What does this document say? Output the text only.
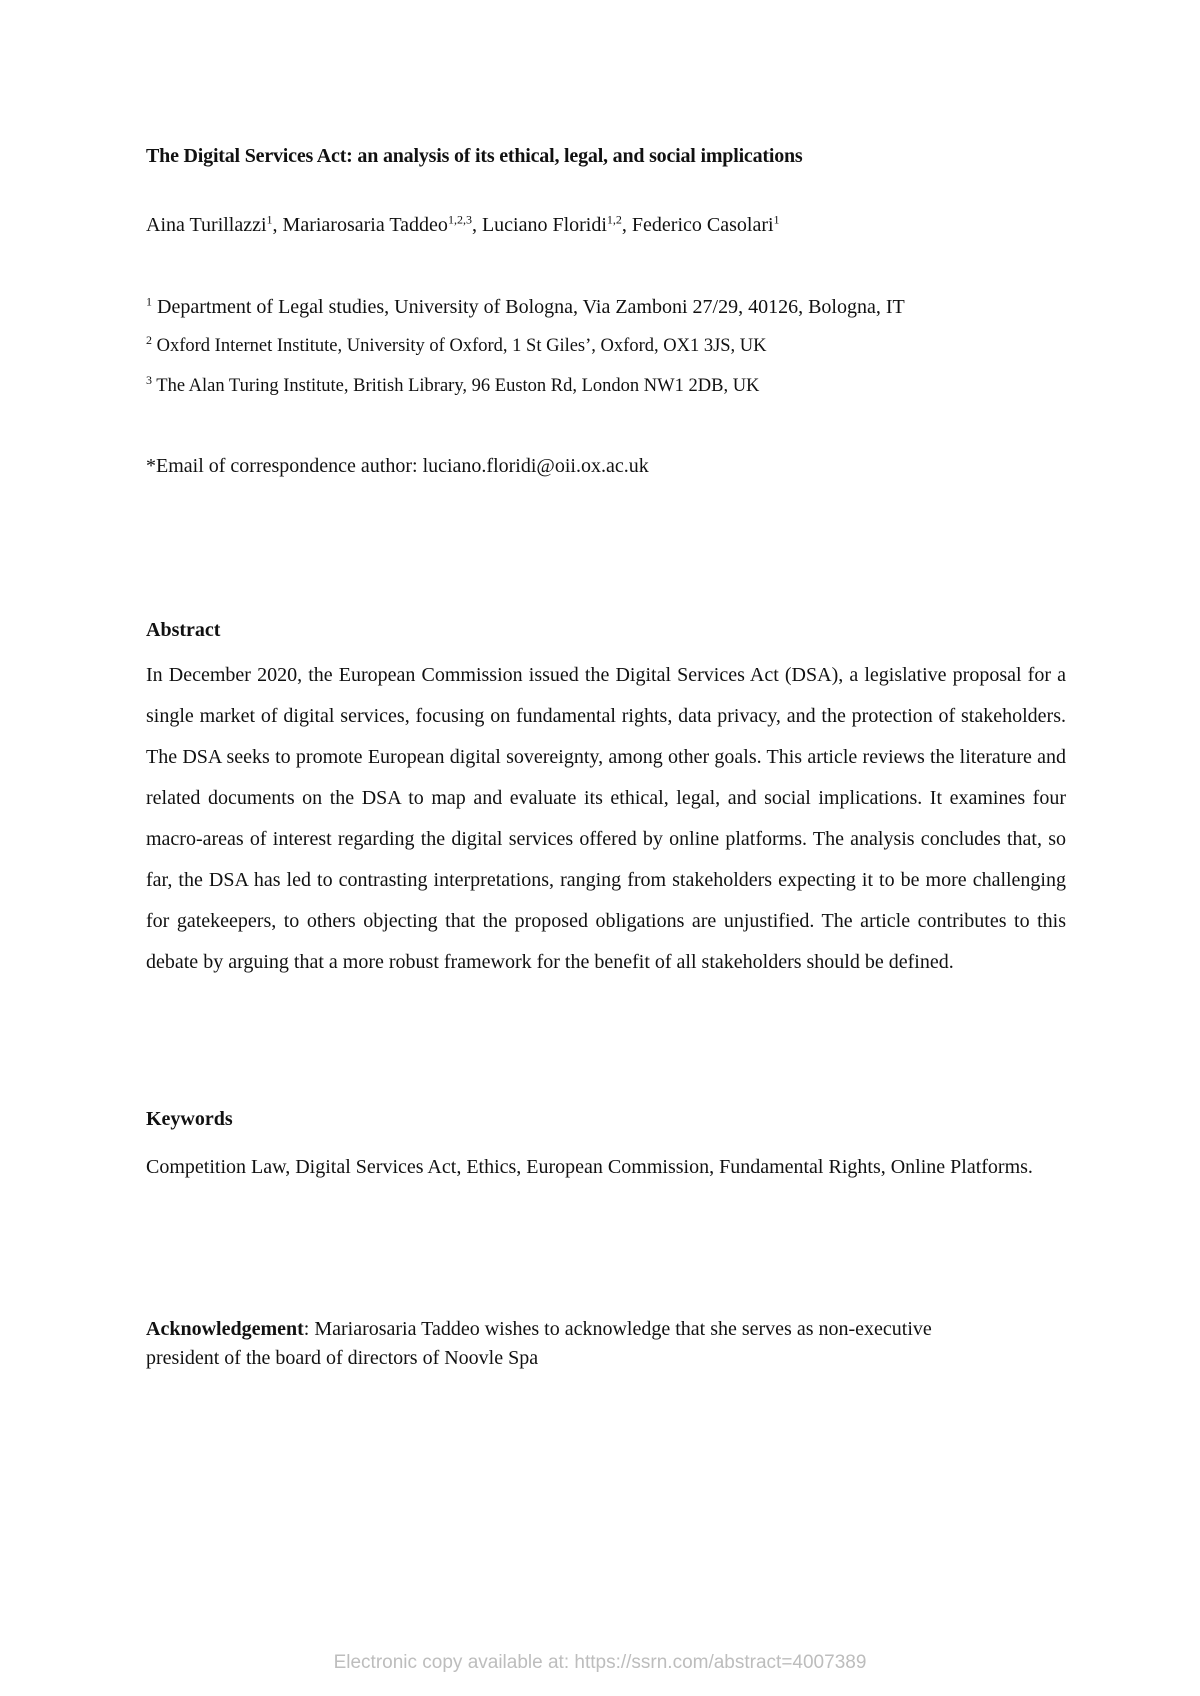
The Digital Services Act: an analysis of its ethical, legal, and social implications
Aina Turillazzi$^1$, Mariarosaria Taddeo$^{1,2,3}$, Luciano Floridi$^{1,2}$, Federico Casolari$^1$
$^1$ Department of Legal studies, University of Bologna, Via Zamboni 27/29, 40126, Bologna, IT
$^2$ Oxford Internet Institute, University of Oxford, 1 St Giles’, Oxford, OX1 3JS, UK
$^3$ The Alan Turing Institute, British Library, 96 Euston Rd, London NW1 2DB, UK
*Email of correspondence author: luciano.floridi@oii.ox.ac.uk
Abstract
In December 2020, the European Commission issued the Digital Services Act (DSA), a legislative proposal for a single market of digital services, focusing on fundamental rights, data privacy, and the protection of stakeholders. The DSA seeks to promote European digital sovereignty, among other goals. This article reviews the literature and related documents on the DSA to map and evaluate its ethical, legal, and social implications. It examines four macro-areas of interest regarding the digital services offered by online platforms. The analysis concludes that, so far, the DSA has led to contrasting interpretations, ranging from stakeholders expecting it to be more challenging for gatekeepers, to others objecting that the proposed obligations are unjustified. The article contributes to this debate by arguing that a more robust framework for the benefit of all stakeholders should be defined.
Keywords
Competition Law, Digital Services Act, Ethics, European Commission, Fundamental Rights, Online Platforms.
Acknowledgement: Mariarosaria Taddeo wishes to acknowledge that she serves as non-executive president of the board of directors of Noovle Spa
Electronic copy available at: https://ssrn.com/abstract=4007389
